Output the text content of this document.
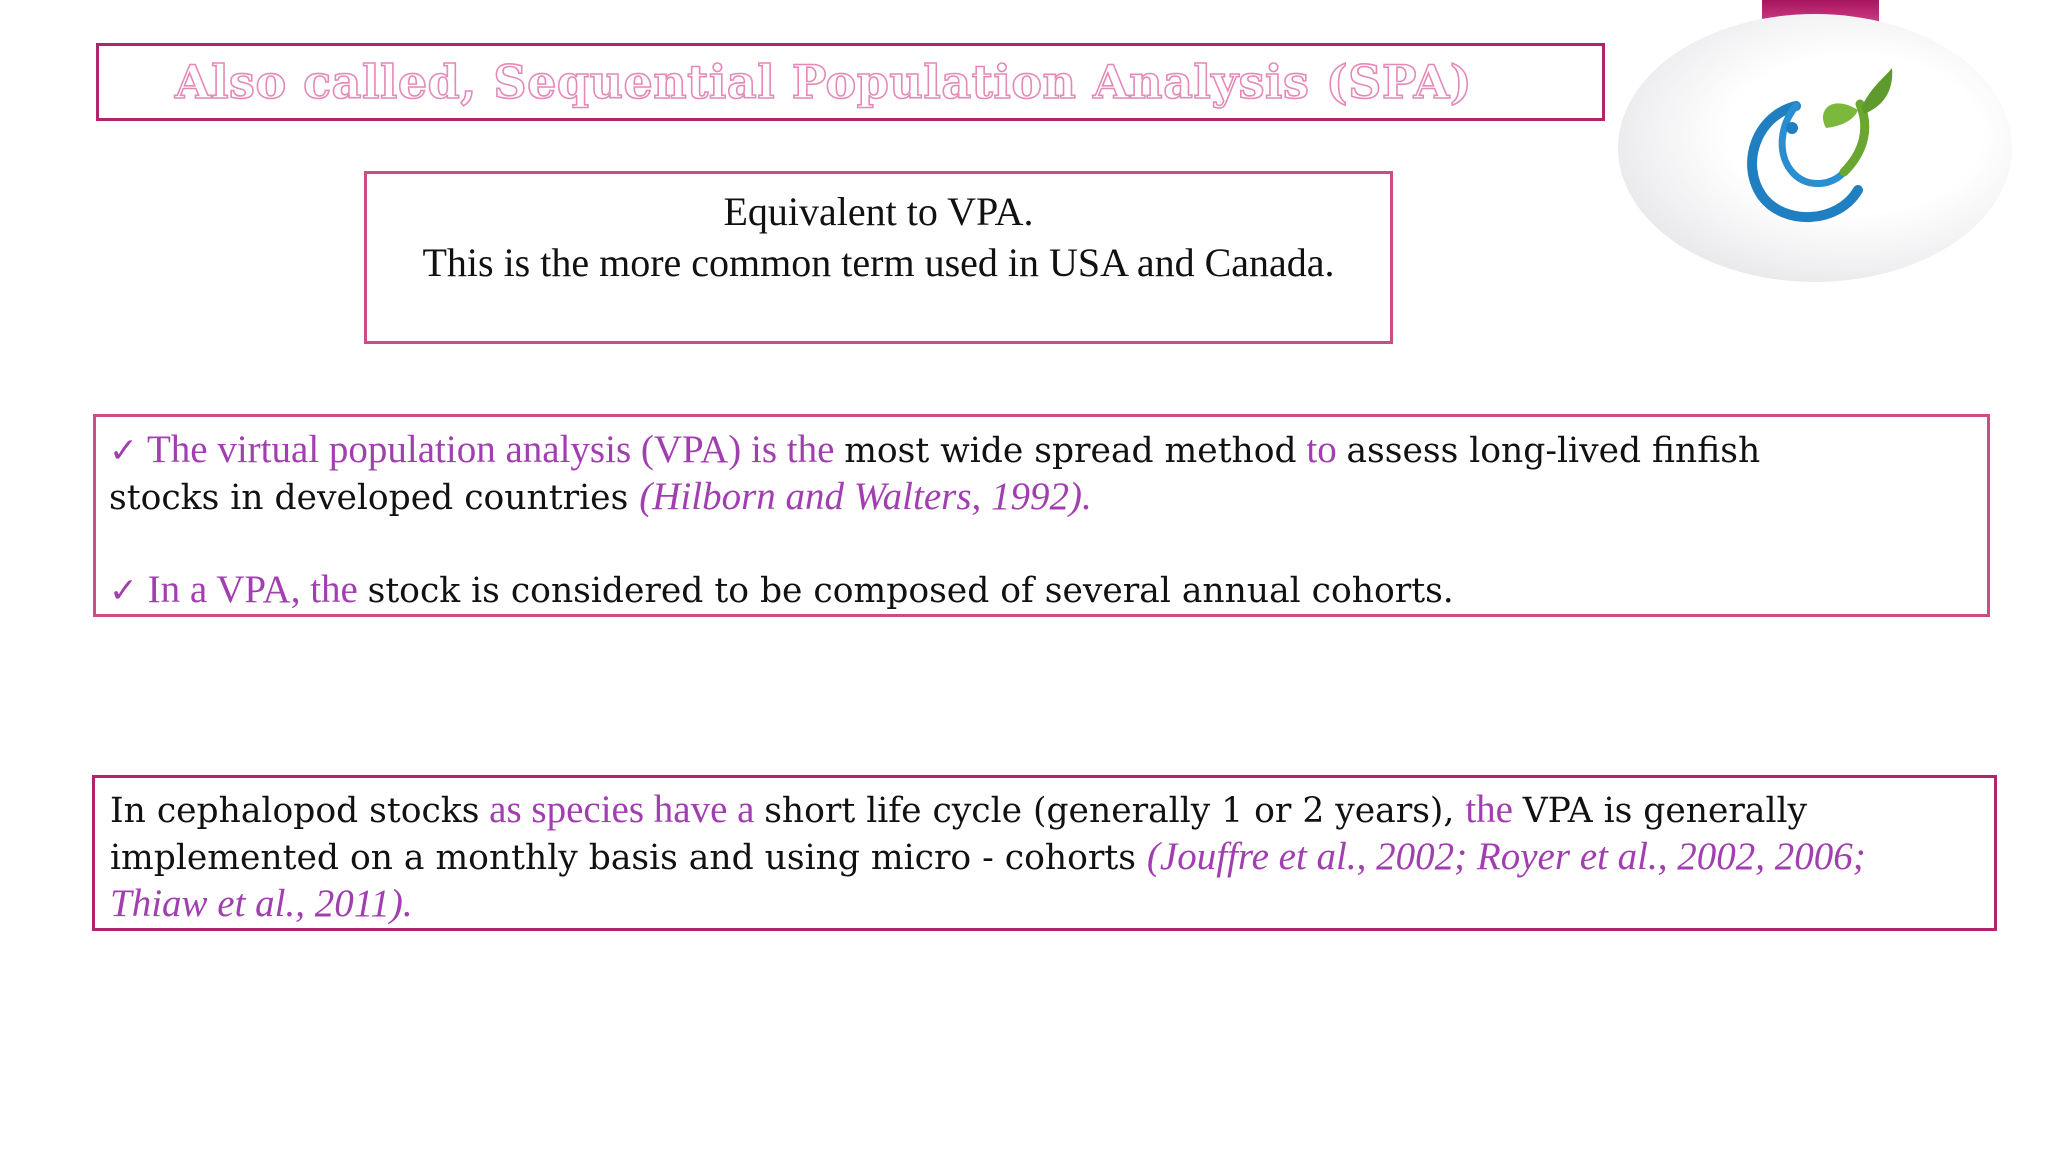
Also called, Sequential Population Analysis (SPA)
Equivalent to VPA.
This is the more common term used in USA and Canada.

✓ The virtual population analysis (VPA) is the most wide spread method to assess long-lived finfish

stocks in developed countries (Hilborn and Walters, 1992).

✓ In a VPA, the stock is considered to be composed of several annual cohorts.

In cephalopod stocks as species have a short life cycle (generally 1 or 2 years), the VPA is generally

implemented on a monthly basis and using micro - cohorts (Jouffre et al., 2002; Royer et al., 2002, 2006;

Thiaw et al., 2011).
